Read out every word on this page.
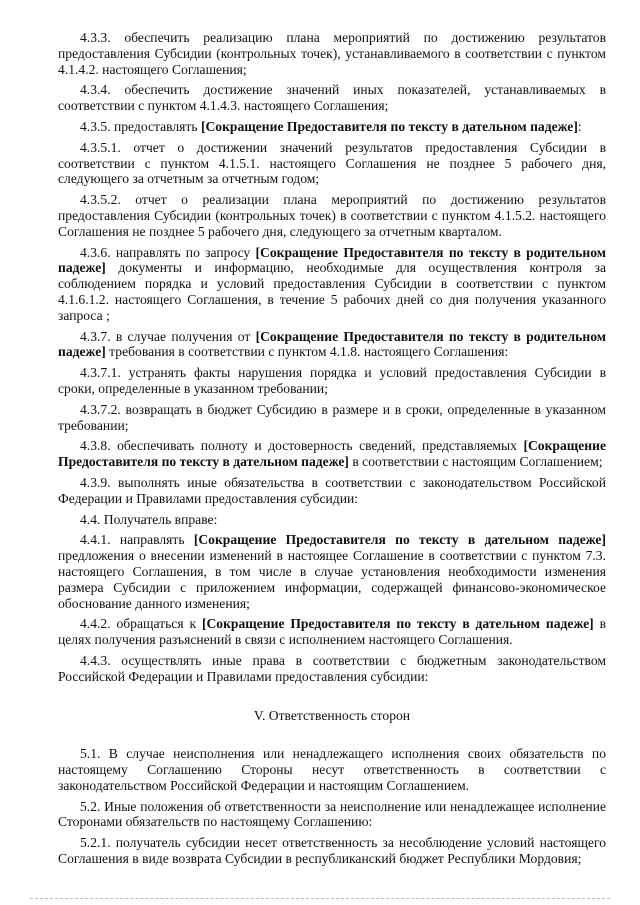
4.3.3. обеспечить реализацию плана мероприятий по достижению результатов предоставления Субсидии (контрольных точек), устанавливаемого в соответствии с пунктом 4.1.4.2. настоящего Соглашения;

4.3.4. обеспечить достижение значений иных показателей, устанавливаемых в соответствии с пунктом 4.1.4.3. настоящего Соглашения;

4.3.5. предоставлять [Сокращение Предоставителя по тексту в дательном падеже]:

4.3.5.1. отчет о достижении значений результатов предоставления Субсидии в соответствии с пунктом 4.1.5.1. настоящего Соглашения не позднее 5 рабочего дня, следующего за отчетным за отчетным годом;

4.3.5.2. отчет о реализации плана мероприятий по достижению результатов предоставления Субсидии (контрольных точек) в соответствии с пунктом 4.1.5.2. настоящего Соглашения не позднее 5 рабочего дня, следующего за отчетным кварталом.

4.3.6. направлять по запросу [Сокращение Предоставителя по тексту в родительном падеже] документы и информацию, необходимые для осуществления контроля за соблюдением порядка и условий предоставления Субсидии в соответствии с пунктом 4.1.6.1.2. настоящего Соглашения, в течение 5 рабочих дней со дня получения указанного запроса ;

4.3.7. в случае получения от [Сокращение Предоставителя по тексту в родительном падеже] требования в соответствии с пунктом 4.1.8. настоящего Соглашения:

4.3.7.1. устранять факты нарушения порядка и условий предоставления Субсидии в сроки, определенные в указанном требовании;

4.3.7.2. возвращать в бюджет Субсидию в размере и в сроки, определенные в указанном требовании;

4.3.8. обеспечивать полноту и достоверность сведений, представляемых [Сокращение Предоставителя по тексту в дательном падеже] в соответствии с настоящим Соглашением;

4.3.9. выполнять иные обязательства в соответствии с законодательством Российской Федерации и Правилами предоставления субсидии:

4.4. Получатель вправе:

4.4.1. направлять [Сокращение Предоставителя по тексту в дательном падеже] предложения о внесении изменений в настоящее Соглашение в соответствии с пунктом 7.3. настоящего Соглашения, в том числе в случае установления необходимости изменения размера Субсидии с приложением информации, содержащей финансово-экономическое обоснование данного изменения;

4.4.2. обращаться к [Сокращение Предоставителя по тексту в дательном падеже] в целях получения разъяснений в связи с исполнением настоящего Соглашения.

4.4.3. осуществлять иные права в соответствии с бюджетным законодательством Российской Федерации и Правилами предоставления субсидии:

V. Ответственность сторон

5.1. В случае неисполнения или ненадлежащего исполнения своих обязательств по настоящему Соглашению Стороны несут ответственность в соответствии с законодательством Российской Федерации и настоящим Соглашением.

5.2. Иные положения об ответственности за неисполнение или ненадлежащее исполнение Сторонами обязательств по настоящему Соглашению:

5.2.1. получатель субсидии несет ответственность за несоблюдение условий настоящего Соглашения в виде возврата Субсидии в республиканский бюджет Республики Мордовия;
